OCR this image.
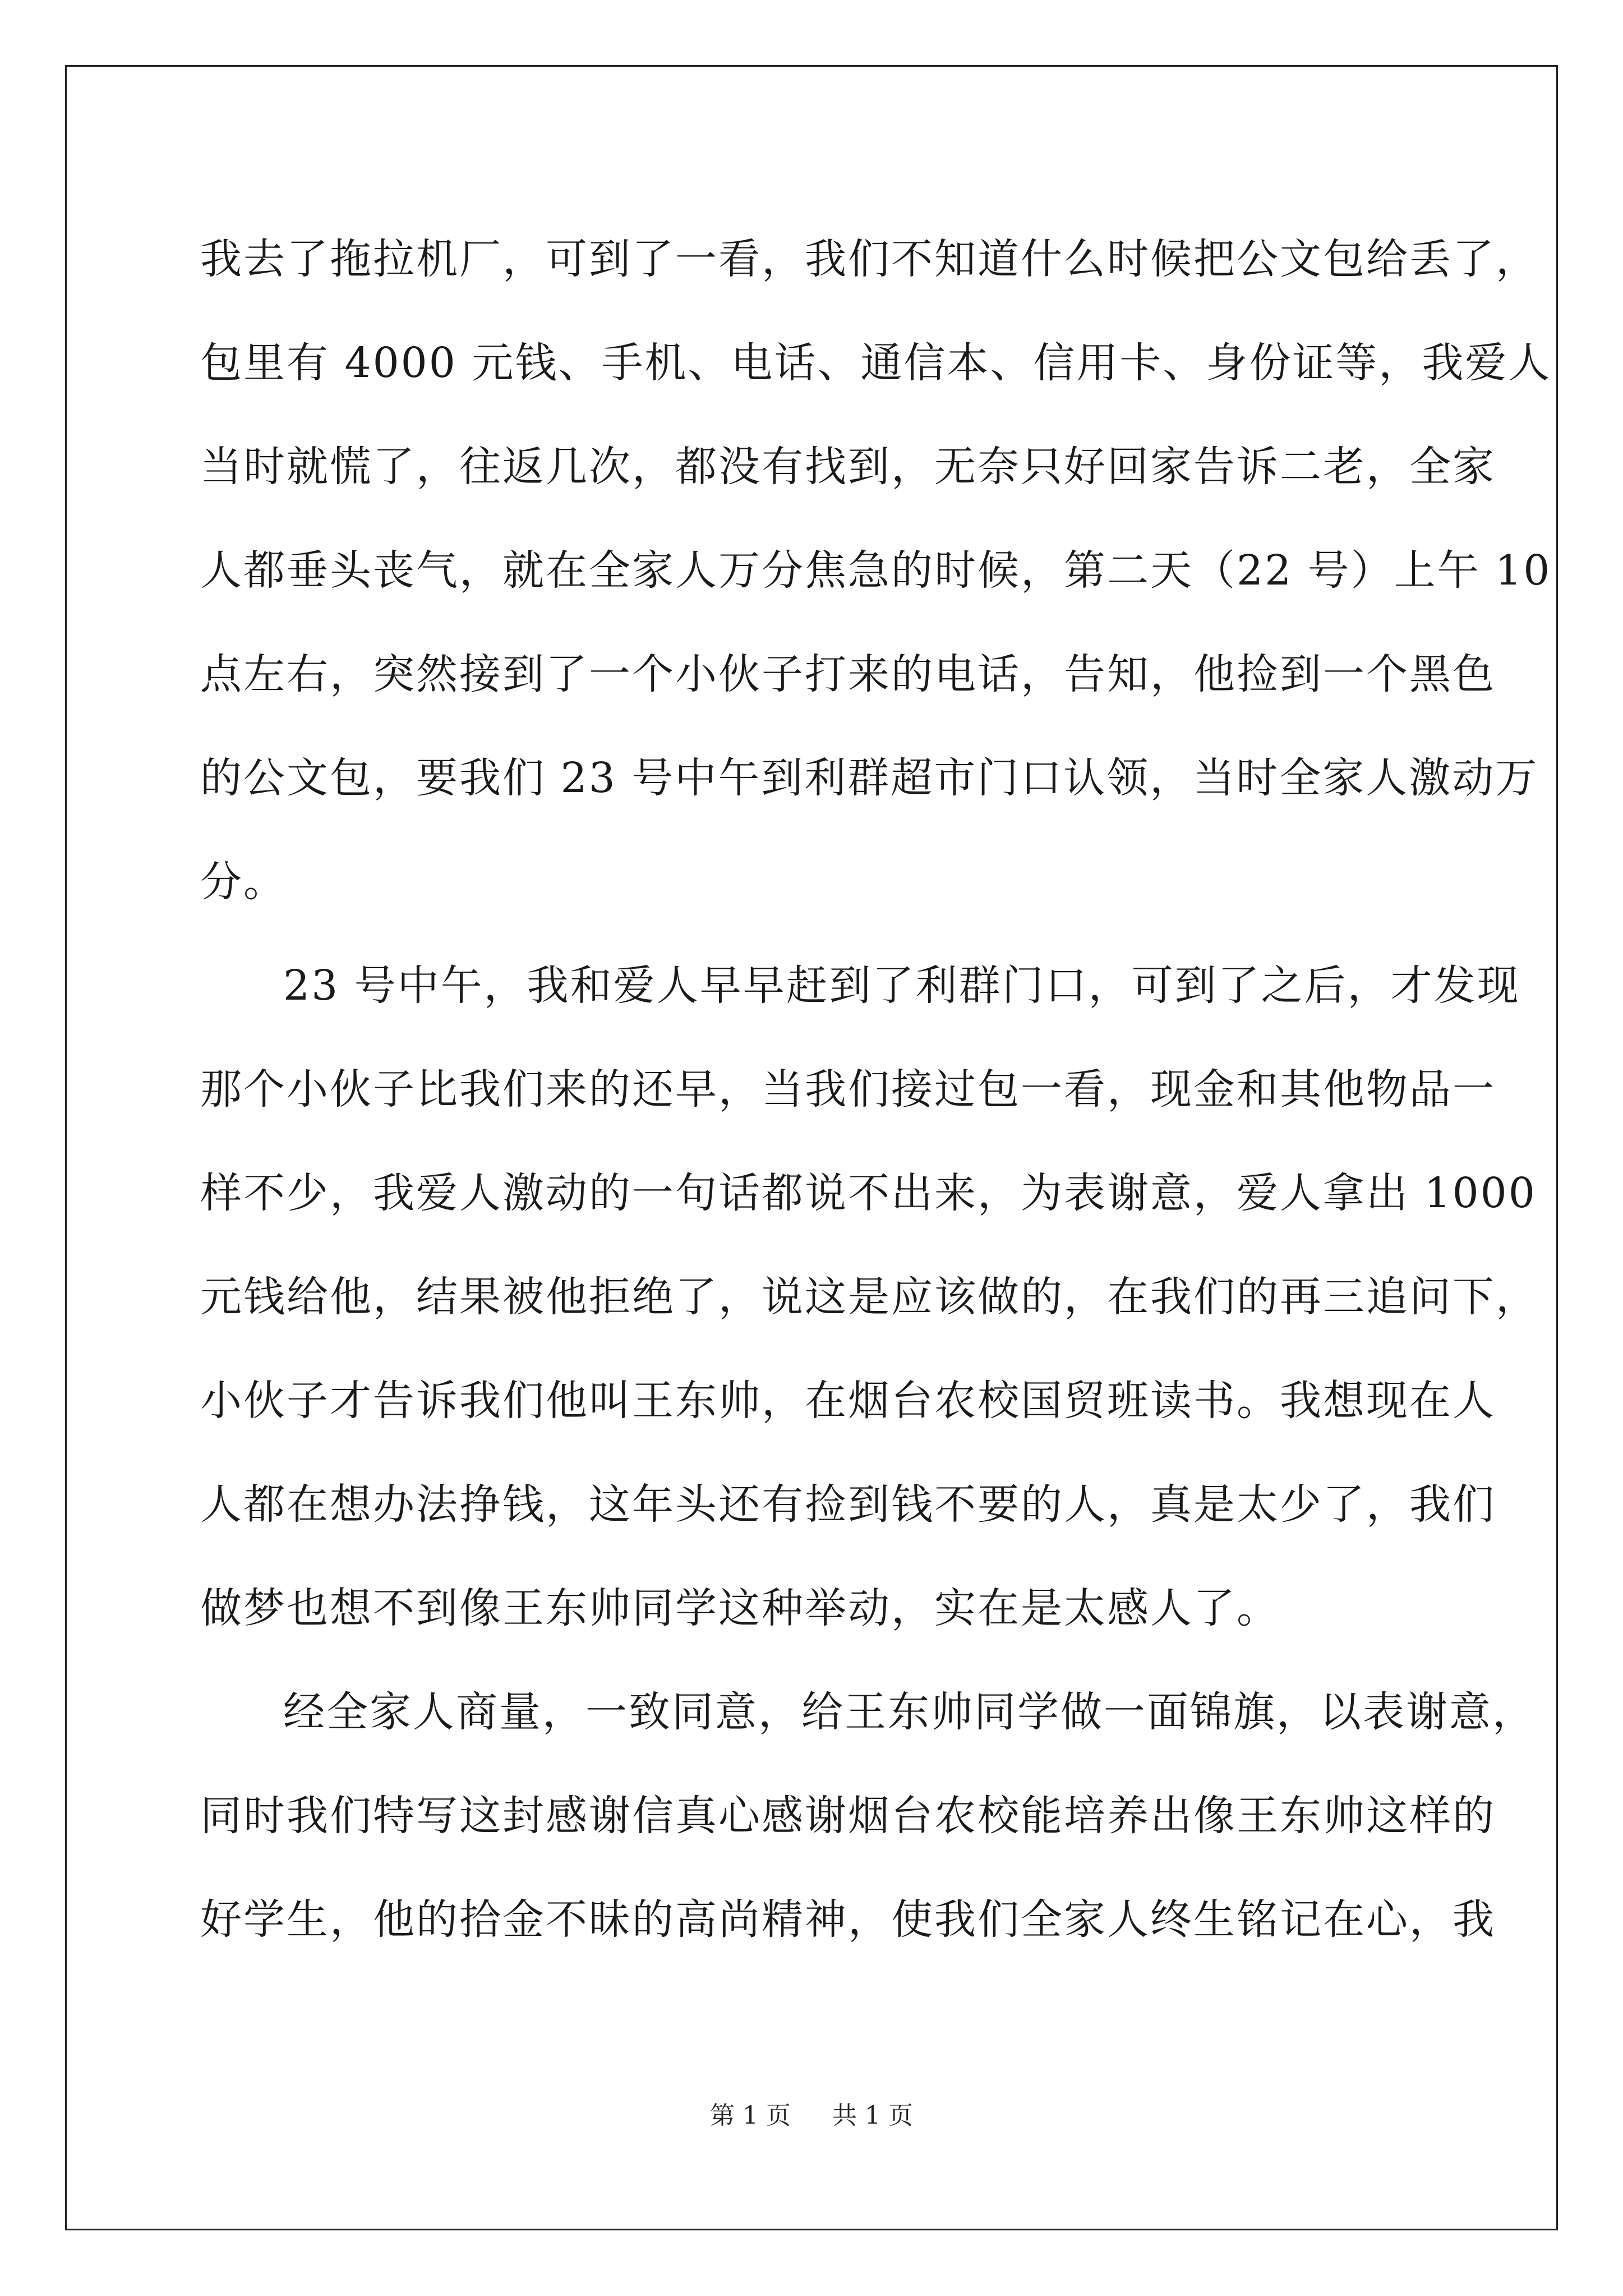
我去了拖拉机厂，可到了一看，我们不知道什么时候把公文包给丢了，
包里有 4000 元钱、手机、电话、通信本、信用卡、身份证等，我爱人
当时就慌了，往返几次，都没有找到，无奈只好回家告诉二老，全家
人都垂头丧气，就在全家人万分焦急的时候，第二天（22 号）上午 10
点左右，突然接到了一个小伙子打来的电话，告知，他捡到一个黑色
的公文包，要我们 23 号中午到利群超市门口认领，当时全家人激动万
分。
23 号中午，我和爱人早早赶到了利群门口，可到了之后，才发现
那个小伙子比我们来的还早，当我们接过包一看，现金和其他物品一
样不少，我爱人激动的一句话都说不出来，为表谢意，爱人拿出 1000
元钱给他，结果被他拒绝了，说这是应该做的，在我们的再三追问下，
小伙子才告诉我们他叫王东帅，在烟台农校国贸班读书。我想现在人
人都在想办法挣钱，这年头还有捡到钱不要的人，真是太少了，我们
做梦也想不到像王东帅同学这种举动，实在是太感人了。
经全家人商量，一致同意，给王东帅同学做一面锦旗，以表谢意，
同时我们特写这封感谢信真心感谢烟台农校能培养出像王东帅这样的
好学生，他的拾金不昧的高尚精神，使我们全家人终生铭记在心，我
第 1 页 共 1 页
